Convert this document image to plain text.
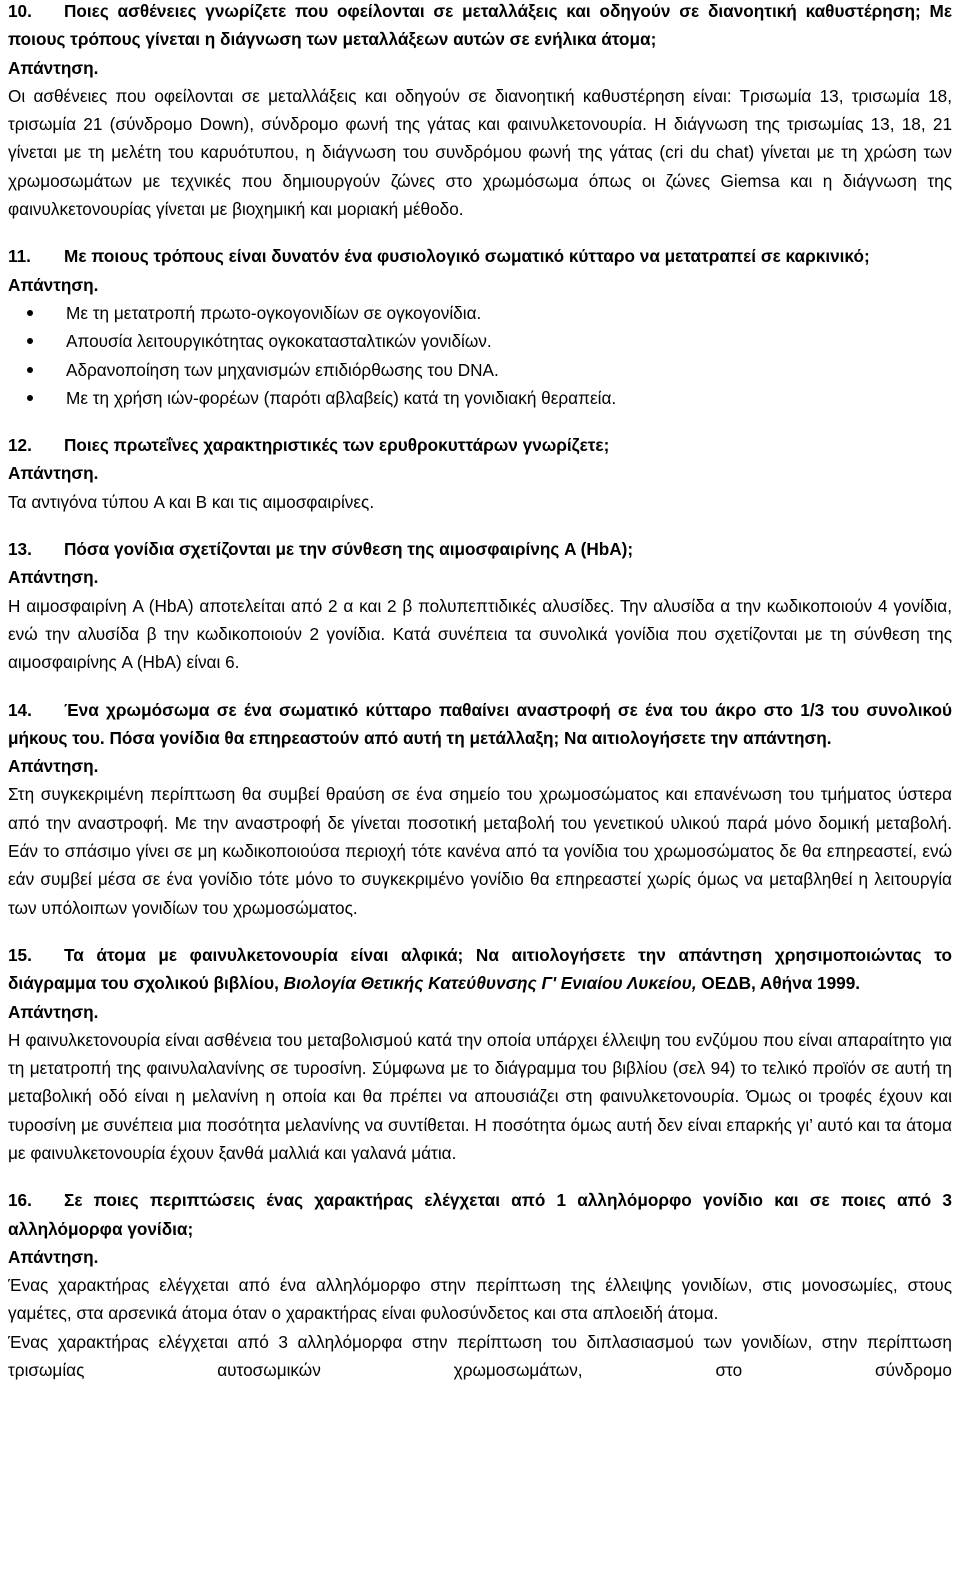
10. Ποιες ασθένειες γνωρίζετε που οφείλονται σε μεταλλάξεις και οδηγούν σε διανοητική καθυστέρηση; Με ποιους τρόπους γίνεται η διάγνωση των μεταλλάξεων αυτών σε ενήλικα άτομα;
Απάντηση.
Οι ασθένειες που οφείλονται σε μεταλλάξεις και οδηγούν σε διανοητική καθυστέρηση είναι: Τρισωμία 13, τρισωμία 18, τρισωμία 21 (σύνδρομο Down), σύνδρομο φωνή της γάτας και φαινυλκετονουρία. Η διάγνωση της τρισωμίας 13, 18, 21 γίνεται με τη μελέτη του καρυότυπου, η διάγνωση του συνδρόμου φωνή της γάτας (cri du chat) γίνεται με τη χρώση των χρωμοσωμάτων με τεχνικές που δημιουργούν ζώνες στο χρωμόσωμα όπως οι ζώνες Giemsa και η διάγνωση της φαινυλκετονουρίας γίνεται με βιοχημική και μοριακή μέθοδο.
11. Με ποιους τρόπους είναι δυνατόν ένα φυσιολογικό σωματικό κύτταρο να μετατραπεί σε καρκινικό;
Απάντηση.
Με τη μετατροπή πρωτο-ογκογονιδίων σε ογκογονίδια.
Απουσία λειτουργικότητας ογκοκατασταλτικών γονιδίων.
Αδρανοποίηση των μηχανισμών επιδιόρθωσης του DNA.
Με τη χρήση ιών-φορέων (παρότι αβλαβείς) κατά τη γονιδιακή θεραπεία.
12. Ποιες πρωτεΐνες χαρακτηριστικές των ερυθροκυττάρων γνωρίζετε;
Απάντηση.
Τα αντιγόνα τύπου A και B και τις αιμοσφαιρίνες.
13. Πόσα γονίδια σχετίζονται με την σύνθεση της αιμοσφαιρίνης A (HbA);
Απάντηση.
Η αιμοσφαιρίνη A (HbA) αποτελείται από 2 α και 2 β πολυπεπτιδικές αλυσίδες. Την αλυσίδα α την κωδικοποιούν 4 γονίδια, ενώ την αλυσίδα β την κωδικοποιούν 2 γονίδια. Κατά συνέπεια τα συνολικά γονίδια που σχετίζονται με τη σύνθεση της αιμοσφαιρίνης A (HbA) είναι 6.
14. Ένα χρωμόσωμα σε ένα σωματικό κύτταρο παθαίνει αναστροφή σε ένα του άκρο στο 1/3 του συνολικού μήκους του. Πόσα γονίδια θα επηρεαστούν από αυτή τη μετάλλαξη; Να αιτιολογήσετε την απάντηση.
Απάντηση.
Στη συγκεκριμένη περίπτωση θα συμβεί θραύση σε ένα σημείο του χρωμοσώματος και επανένωση του τμήματος ύστερα από την αναστροφή. Με την αναστροφή δε γίνεται ποσοτική μεταβολή του γενετικού υλικού παρά μόνο δομική μεταβολή. Εάν το σπάσιμο γίνει σε μη κωδικοποιούσα περιοχή τότε κανένα από τα γονίδια του χρωμοσώματος δε θα επηρεαστεί, ενώ εάν συμβεί μέσα σε ένα γονίδιο τότε μόνο το συγκεκριμένο γονίδιο θα επηρεαστεί χωρίς όμως να μεταβληθεί η λειτουργία των υπόλοιπων γονιδίων του χρωμοσώματος.
15. Τα άτομα με φαινυλκετονουρία είναι αλφικά; Να αιτιολογήσετε την απάντηση χρησιμοποιώντας το διάγραμμα του σχολικού βιβλίου, Βιολογία Θετικής Κατεύθυνσης Γ' Ενιαίου Λυκείου, ΟΕΔΒ, Αθήνα 1999.
Απάντηση.
Η φαινυλκετονουρία είναι ασθένεια του μεταβολισμού κατά την οποία υπάρχει έλλειψη του ενζύμου που είναι απαραίτητο για τη μετατροπή της φαινυλαλανίνης σε τυροσίνη. Σύμφωνα με το διάγραμμα του βιβλίου (σελ 94) το τελικό προϊόν σε αυτή τη μεταβολική οδό είναι η μελανίνη η οποία και θα πρέπει να απουσιάζει στη φαινυλκετονουρία. Όμως οι τροφές έχουν και τυροσίνη με συνέπεια μια ποσότητα μελανίνης να συντίθεται. Η ποσότητα όμως αυτή δεν είναι επαρκής γι’ αυτό και τα άτομα με φαινυλκετονουρία έχουν ξανθά μαλλιά και γαλανά μάτια.
16. Σε ποιες περιπτώσεις ένας χαρακτήρας ελέγχεται από 1 αλληλόμορφο γονίδιο και σε ποιες από 3 αλληλόμορφα γονίδια;
Απάντηση.
Ένας χαρακτήρας ελέγχεται από ένα αλληλόμορφο στην περίπτωση της έλλειψης γονιδίων, στις μονοσωμίες, στους γαμέτες, στα αρσενικά άτομα όταν ο χαρακτήρας είναι φυλοσύνδετος και στα απλοειδή άτομα.
Ένας χαρακτήρας ελέγχεται από 3 αλληλόμορφα στην περίπτωση του διπλασιασμού των γονιδίων, στην περίπτωση τρισωμίας αυτοσωμικών χρωμοσωμάτων, στο σύνδρομο
